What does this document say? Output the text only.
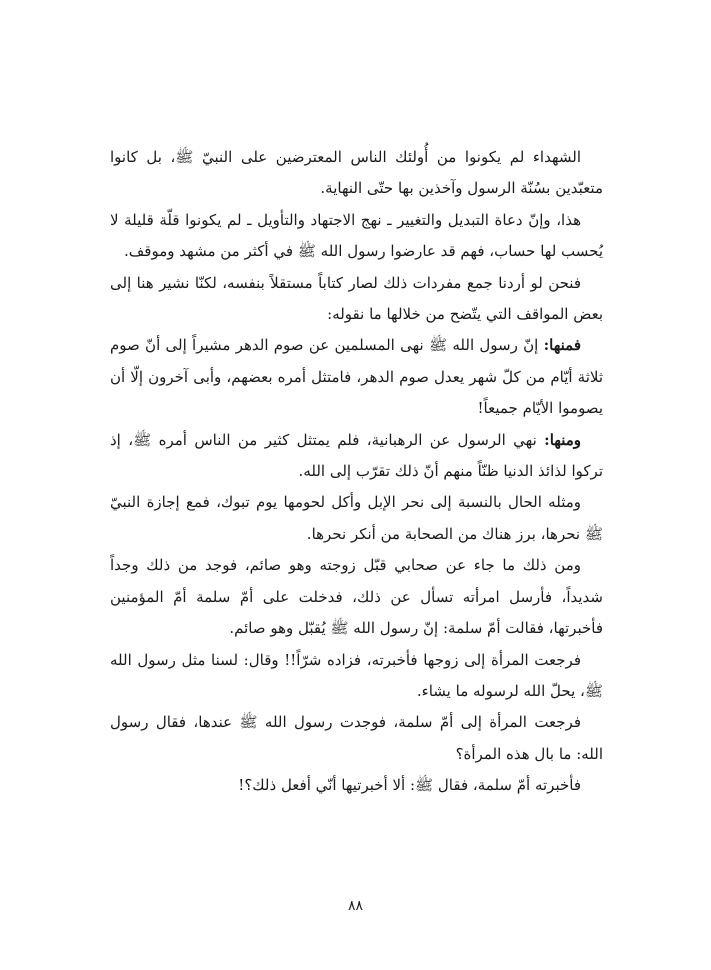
الشهداء لم يكونوا من أُولئك الناس المعترضين على النبيّ ﷺ، بل كانوا متعبّدين بسُنّة الرسول وآخذين بها حتّى النهاية.

هذا، وإنّ دعاة التبديل والتغيير ـ نهج الاجتهاد والتأويل ـ لم يكونوا قلّة قليلة لا يُحسب لها حساب، فهم قد عارضوا رسول الله ﷺ في أكثر من مشهد وموقف.

فنحن لو أردنا جمع مفردات ذلك لصار كتاباً مستقلاً بنفسه، لكنّا نشير هنا إلى بعض المواقف التي يتّضح من خلالها ما نقوله:

فمنها: إنّ رسول الله ﷺ نهى المسلمين عن صوم الدهر مشيراً إلى أنّ صوم ثلاثة أيّام من كلّ شهر يعدل صوم الدهر، فامتثل أمره بعضهم، وأبى آخرون إلّا أن يصوموا الأيّام جميعاً!

ومنها: نهي الرسول عن الرهبانية، فلم يمتثل كثير من الناس أمره ﷺ، إذ تركوا لذائذ الدنيا ظنّاً منهم أنّ ذلك تقرّب إلى الله.

ومثله الحال بالنسبة إلى نحر الإبل وأكل لحومها يوم تبوك، فمع إجازة النبيّ ﷺ نحرها، برز هناك من الصحابة من أنكر نحرها.

ومن ذلك ما جاء عن صحابي قبّل زوجته وهو صائم، فوجد من ذلك وجداً شديداً، فأرسل امرأته تسأل عن ذلك، فدخلت على أمّ سلمة أمّ المؤمنين فأخبرتها، فقالت أمّ سلمة: إنّ رسول الله ﷺ يُقبّل وهو صائم.

فرجعت المرأة إلى زوجها فأخبرته، فزاده شرّاً!! وقال: لسنا مثل رسول الله ﷺ، يحلّ الله لرسوله ما يشاء.

فرجعت المرأة إلى أمّ سلمة، فوجدت رسول الله ﷺ عندها، فقال رسول الله: ما بال هذه المرأة؟

فأخبرته أمّ سلمة، فقال ﷺ: ألا أخبرتيها أنّي أفعل ذلك؟!

٨٨
